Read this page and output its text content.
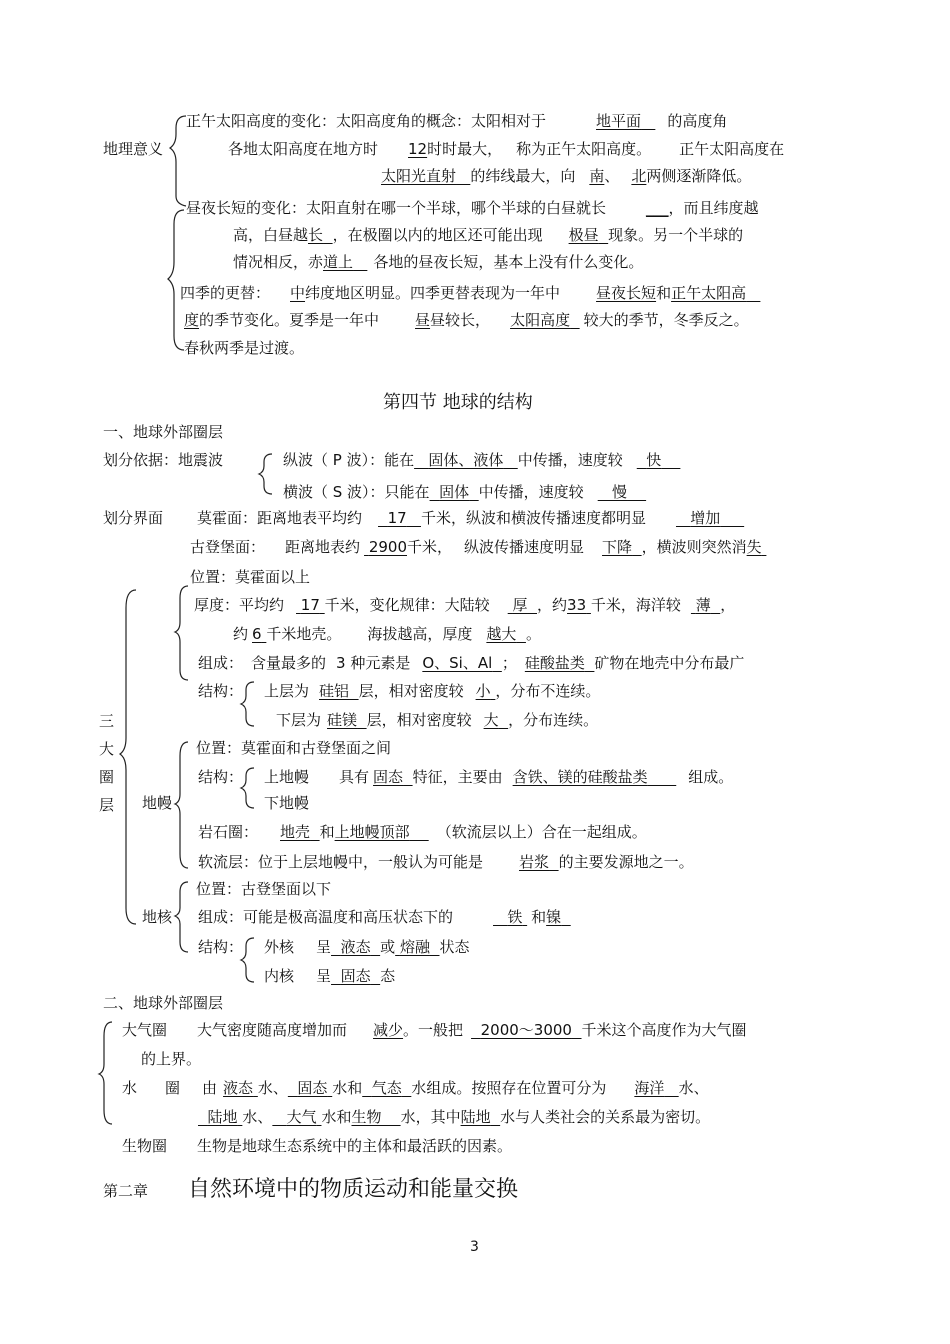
地理意义
正午太阳高度的变化：太阳高度角的概念：太阳相对于	地平面 的高度角
各地太阳高度在地方时 12时时最大， 称为正午太阳高度。 正午太阳高度在
太阳光直射 的纬线最大，向 南、 北两侧逐渐降低。
昼夜长短的变化：太阳直射在哪一个半球，哪个半球的白昼就长	___，而且纬度越
高，白昼越长 ，在极圈以内的地区还可能出现 极昼 现象。另一个半球的
情况相反，赤道上 各地的昼夜长短，基本上没有什么变化。
四季的更替： 中纬度地区明显。四季更替表现为一年中 昼夜长短和正午太阳高
度的季节变化。夏季是一年中 昼昼较长， 太阳高度 较大的季节，冬季反之。
春秋两季是过渡。
第四节 地球的结构
一、地球外部圈层
划分依据：地震波	纵波（ P 波）：能在 固体、液体 中传播，速度较 快
横波（ S 波）：只能在 固体 中传播，速度较 慢
划分界面 莫霍面：距离地表平均约 17 千米，纵波和横波传播速度都明显	增加
古登堡面： 距离地表约 2900千米， 纵波传播速度明显 下降 ，横波则突然消失
三
大
圈
层
位置：莫霍面以上
厚度：平均约 17 千米，变化规律：大陆较 厚 ，约33 千米，海洋较 薄 ，
约 6 千米地壳。 海拔越高，厚度 越大 。
组成： 含量最多的 3 种元素是 O、Si、Al ； 硅酸盐类 矿物在地壳中分布最广
结构： 上层为 硅铝 层，相对密度较 小 ，分布不连续。
下层为 硅镁 层，相对密度较 大 ，分布连续。
地幔
位置：莫霍面和古登堡面之间
结构： 上地幔 具有 固态 特征，主要由 含铁、镁的硅酸盐类	组成。
下地幔
岩石圈： 地壳 和上地幔顶部 （软流层以上）合在一起组成。
软流层：位于上层地幔中，一般认为可能是 岩浆 的主要发源地之一。
地核
位置：古登堡面以下
组成：可能是极高温度和高压状态下的	铁 和镍
结构： 外核 呈 液态 或 熔融 状态
内核 呈 固态 态
二、地球外部圈层
大气圈 大气密度随高度增加而 减少。一般把 2000～3000 千米这个高度作为大气圈
的上界。
水 圈 由 液态 水、 固态 水和 气态 水组成。按照存在位置可分为 海洋 水、
陆地 水、 大气 水和生物 水，其中陆地 水与人类社会的关系最为密切。
生物圈 生物是地球生态系统中的主体和最活跃的因素。
第二章 自然环境中的物质运动和能量交换
3
